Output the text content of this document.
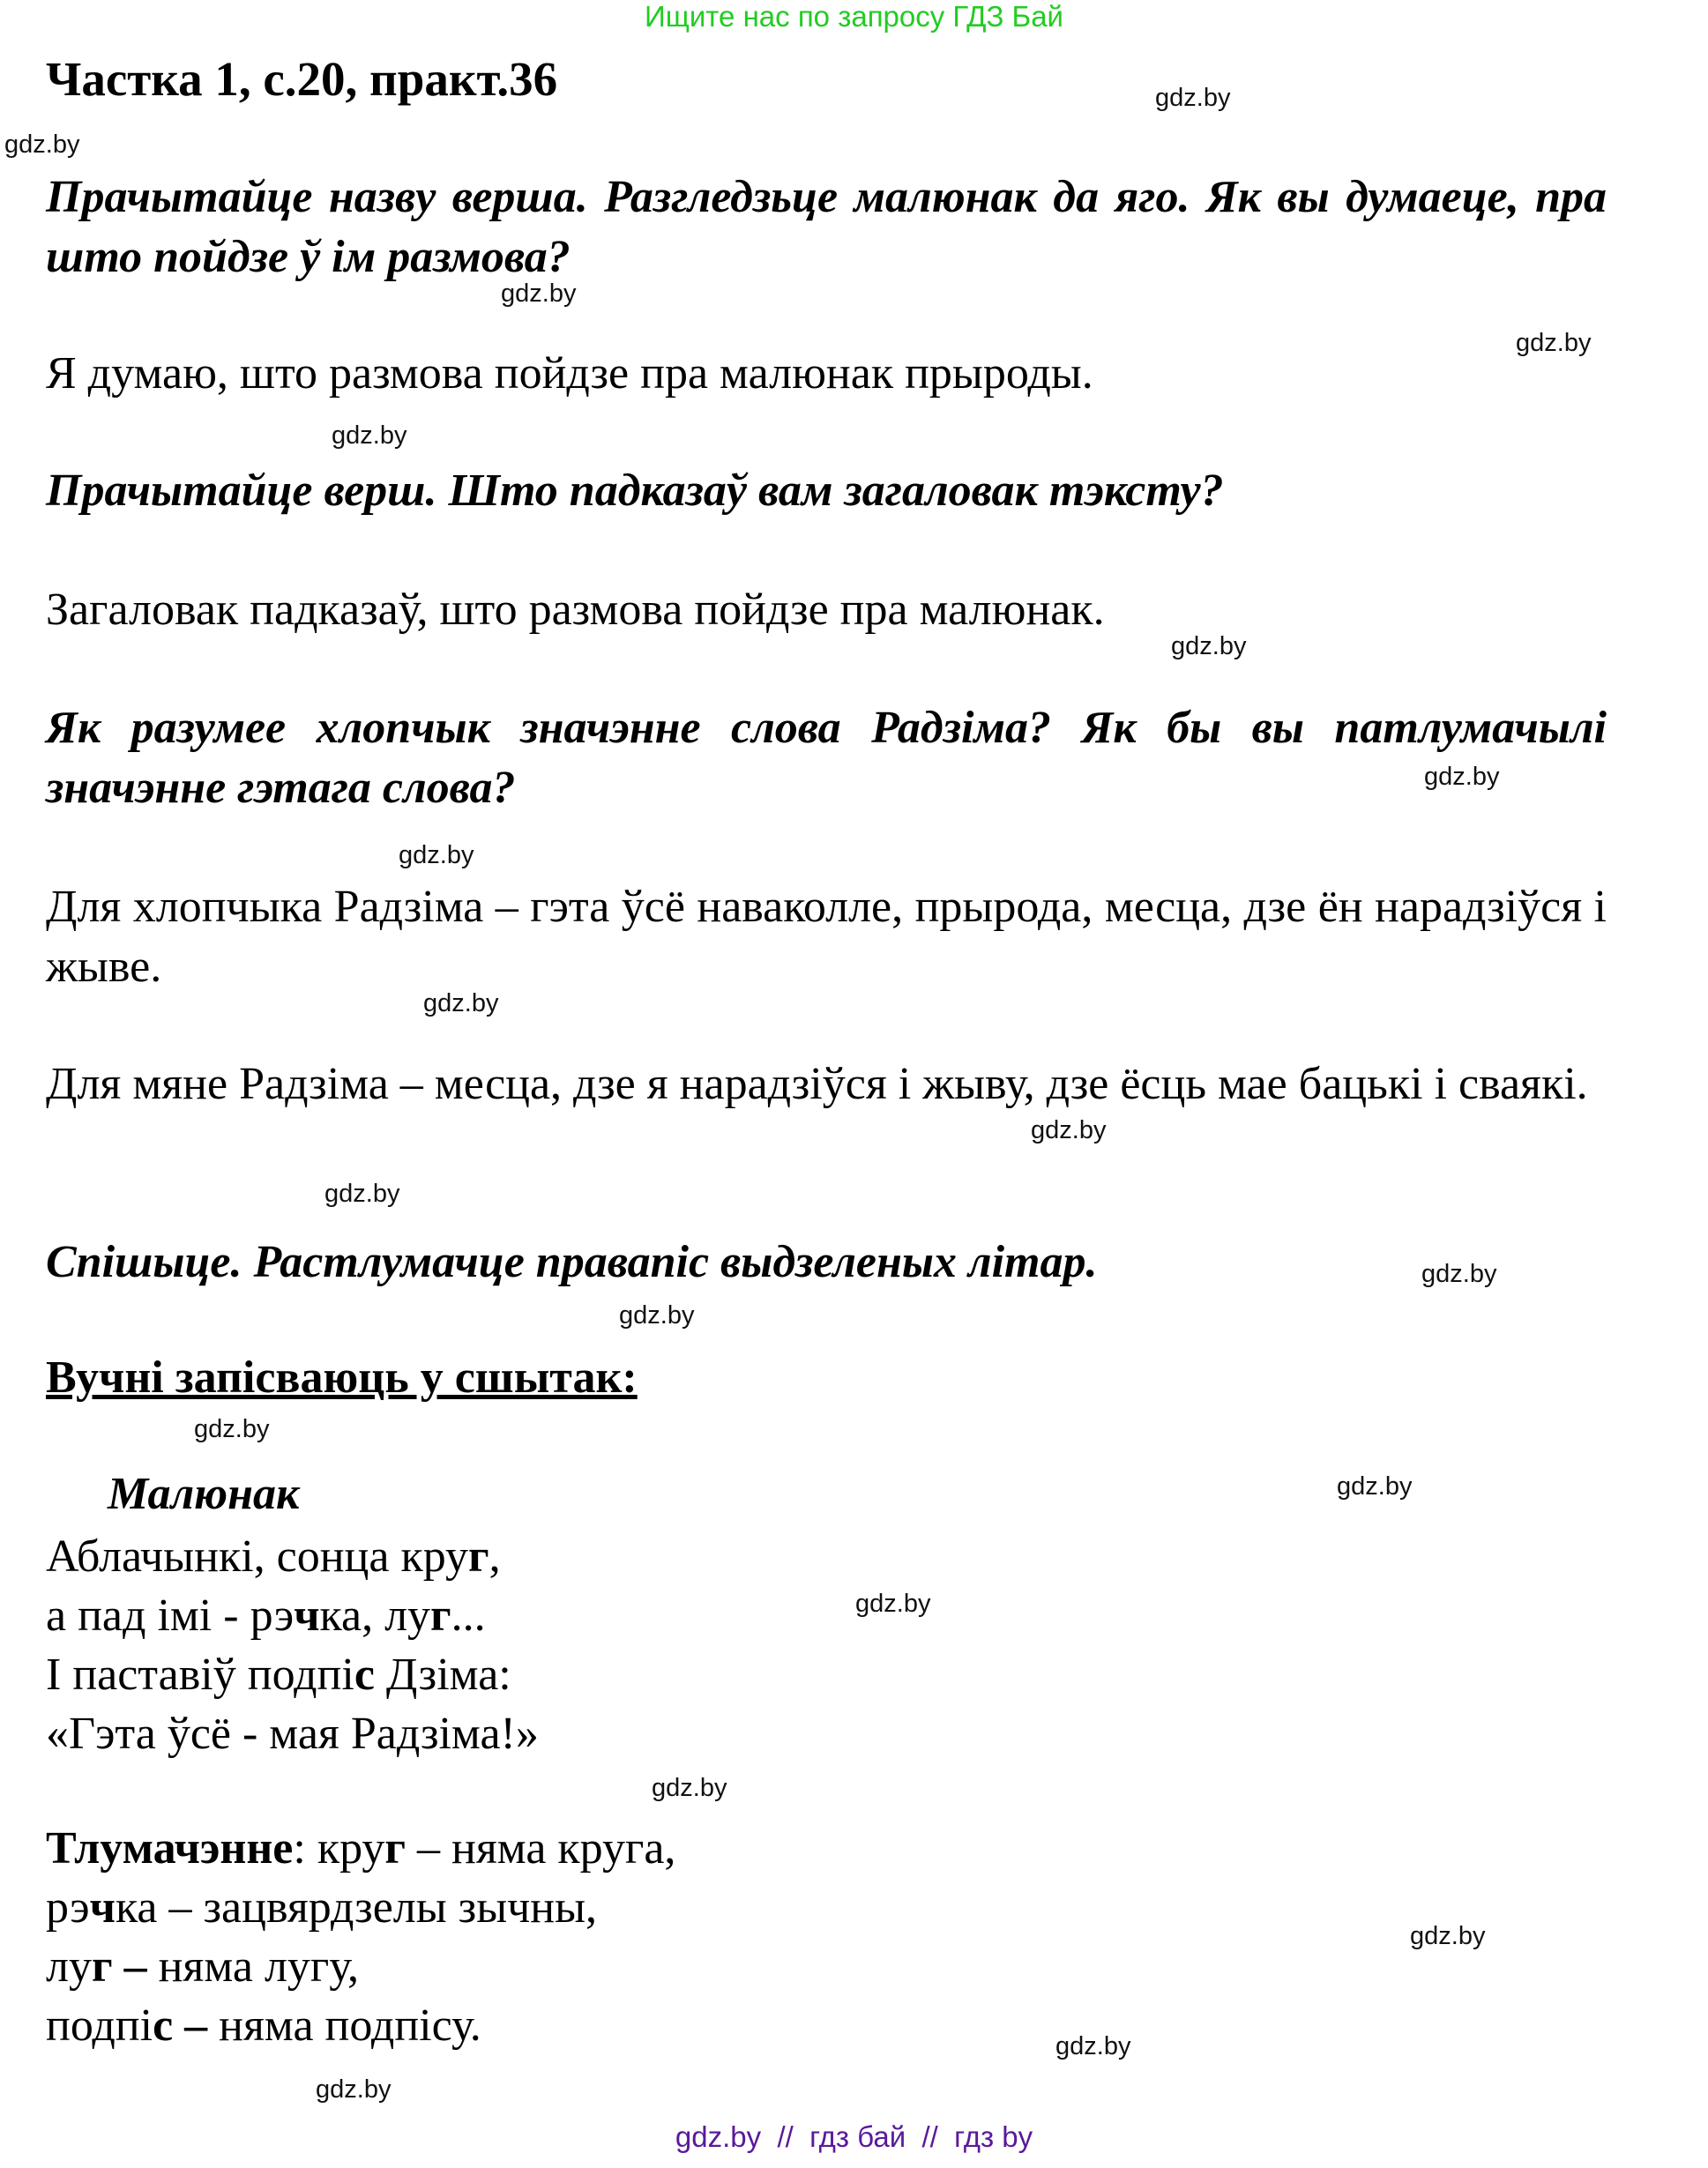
Ищите нас по запросу ГДЗ Бай
Частка 1, с.20, практ.36
Прачытайце назву верша. Разгледзьце малюнак да яго. Як вы думаеце, пра што пойдзе ў ім размова?
Я думаю, што размова пойдзе пра малюнак прыроды.
Прачытайце верш. Што падказаў вам загаловак тэксту?
Загаловак падказаў, што размова пойдзе пра малюнак.
Як разумее хлопчык значэнне слова Радзіма? Як бы вы патлумачылі значэнне гэтага слова?
Для хлопчыка Радзіма – гэта ўсё наваколле, прырода, месца, дзе ён нарадзіўся і жыве.
Для мяне Радзіма – месца, дзе я нарадзіўся і жыву, дзе ёсць мае бацькі і сваякі.
Спішыце. Растлумачце правапіс выдзеленых літар.
Вучні запісваюць у сшытак:
Малюнак
Аблачынкі, сонца круг,
а пад імі - рэчка, луг...
І паставіў подпіс Дзіма:
«Гэта ўсё - мая Радзіма!»
Тлумачэнне: круг – няма круга,
рэчка – зацвярдзелы зычны,
луг – няма лугу,
подпіс – няма подпісу.
gdz.by
gdz.by
gdz.by
gdz.by
gdz.by
gdz.by
gdz.by
gdz.by
gdz.by
gdz.by
gdz.by
gdz.by
gdz.by
gdz.by
gdz.by
gdz.by
gdz.by
gdz.by
gdz.by
gdz.by
gdz.by  //  гдз бай  //  гдз by
